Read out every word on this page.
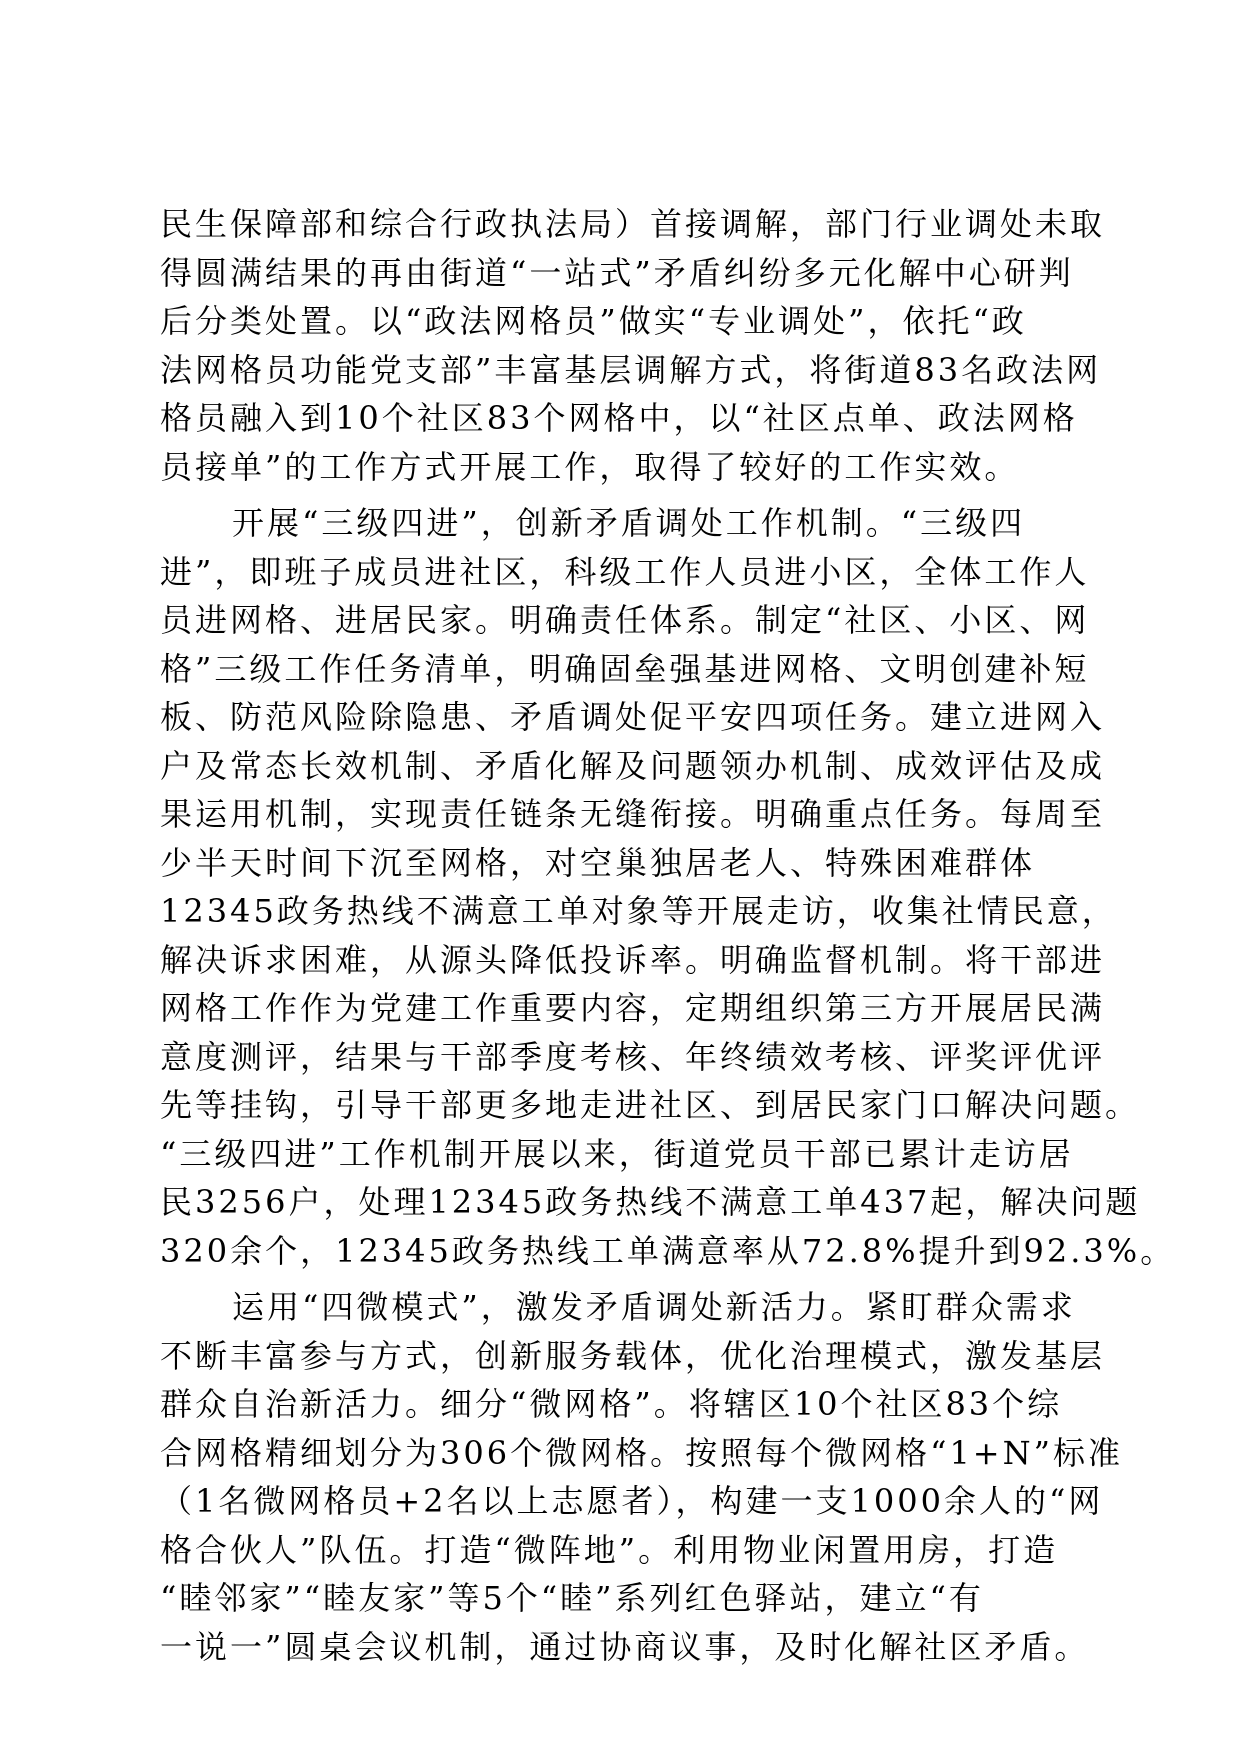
民生保障部和综合行政执法局）首接调解，部门行业调处未取
得圆满结果的再由街道“一站式”矛盾纠纷多元化解中心研判
后分类处置。以“政法网格员”做实“专业调处”，依托“政
法网格员功能党支部”丰富基层调解方式，将街道83名政法网
格员融入到10个社区83个网格中，以“社区点单、政法网格
员接单”的工作方式开展工作，取得了较好的工作实效。
开展“三级四进”，创新矛盾调处工作机制。“三级四
进”，即班子成员进社区，科级工作人员进小区，全体工作人
员进网格、进居民家。明确责任体系。制定“社区、小区、网
格”三级工作任务清单，明确固垒强基进网格、文明创建补短
板、防范风险除隐患、矛盾调处促平安四项任务。建立进网入
户及常态长效机制、矛盾化解及问题领办机制、成效评估及成
果运用机制，实现责任链条无缝衔接。明确重点任务。每周至
少半天时间下沉至网格，对空巢独居老人、特殊困难群体
12345政务热线不满意工单对象等开展走访，收集社情民意，
解决诉求困难，从源头降低投诉率。明确监督机制。将干部进
网格工作作为党建工作重要内容，定期组织第三方开展居民满
意度测评，结果与干部季度考核、年终绩效考核、评奖评优评
先等挂钩，引导干部更多地走进社区、到居民家门口解决问题。
“三级四进”工作机制开展以来，街道党员干部已累计走访居
民3256户，处理12345政务热线不满意工单437起，解决问题
320余个，12345政务热线工单满意率从72.8%提升到92.3%。
运用“四微模式”，激发矛盾调处新活力。紧盯群众需求
不断丰富参与方式，创新服务载体，优化治理模式，激发基层
群众自治新活力。细分“微网格”。将辖区10个社区83个综
合网格精细划分为306个微网格。按照每个微网格“1+N”标准
（1名微网格员+2名以上志愿者），构建一支1000余人的“网
格合伙人”队伍。打造“微阵地”。利用物业闲置用房，打造
“睦邻家”“睦友家”等5个“睦”系列红色驿站，建立“有
一说一”圆桌会议机制，通过协商议事，及时化解社区矛盾。
